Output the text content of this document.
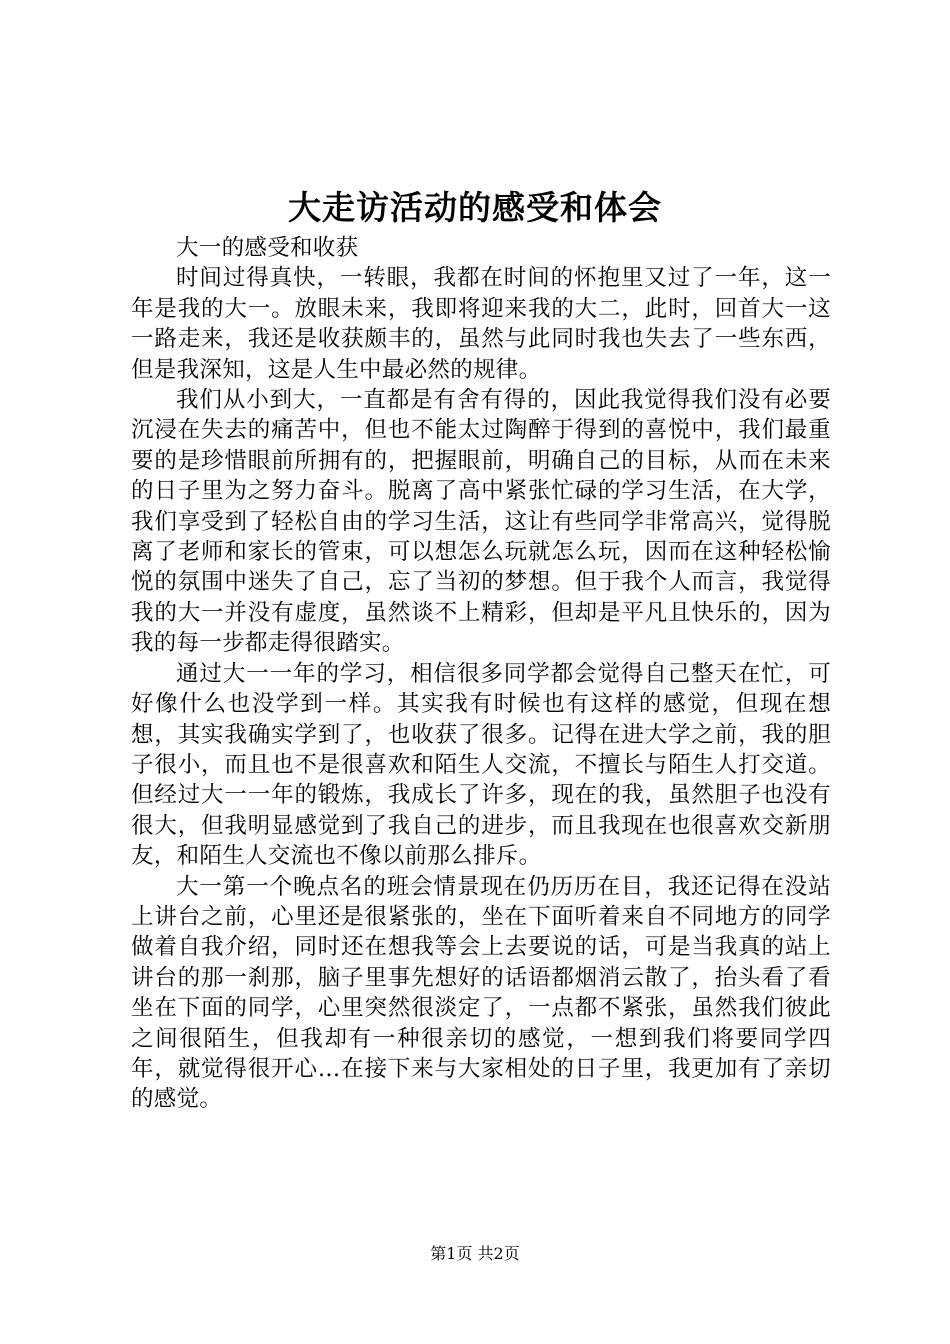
大走访活动的感受和体会

大一的感受和收获

时间过得真快，一转眼，我都在时间的怀抱里又过了一年，这一年是我的大一。放眼未来，我即将迎来我的大二，此时，回首大一这一路走来，我还是收获颇丰的，虽然与此同时我也失去了一些东西，但是我深知，这是人生中最必然的规律。

我们从小到大，一直都是有舍有得的，因此我觉得我们没有必要沉浸在失去的痛苦中，但也不能太过陶醉于得到的喜悦中，我们最重要的是珍惜眼前所拥有的，把握眼前，明确自己的目标，从而在未来的日子里为之努力奋斗。脱离了高中紧张忙碌的学习生活，在大学，我们享受到了轻松自由的学习生活，这让有些同学非常高兴，觉得脱离了老师和家长的管束，可以想怎么玩就怎么玩，因而在这种轻松愉悦的氛围中迷失了自己，忘了当初的梦想。但于我个人而言，我觉得我的大一并没有虚度，虽然谈不上精彩，但却是平凡且快乐的，因为我的每一步都走得很踏实。

通过大一一年的学习，相信很多同学都会觉得自己整天在忙，可好像什么也没学到一样。其实我有时候也有这样的感觉，但现在想想，其实我确实学到了，也收获了很多。记得在进大学之前，我的胆子很小，而且也不是很喜欢和陌生人交流，不擅长与陌生人打交道。但经过大一一年的锻炼，我成长了许多，现在的我，虽然胆子也没有很大，但我明显感觉到了我自己的进步，而且我现在也很喜欢交新朋友，和陌生人交流也不像以前那么排斥。

大一第一个晚点名的班会情景现在仍历历在目，我还记得在没站上讲台之前，心里还是很紧张的，坐在下面听着来自不同地方的同学做着自我介绍，同时还在想我等会上去要说的话，可是当我真的站上讲台的那一刹那，脑子里事先想好的话语都烟消云散了，抬头看了看坐在下面的同学，心里突然很淡定了，一点都不紧张，虽然我们彼此之间很陌生，但我却有一种很亲切的感觉，一想到我们将要同学四年，就觉得很开心…在接下来与大家相处的日子里，我更加有了亲切的感觉。

第1页 共2页
